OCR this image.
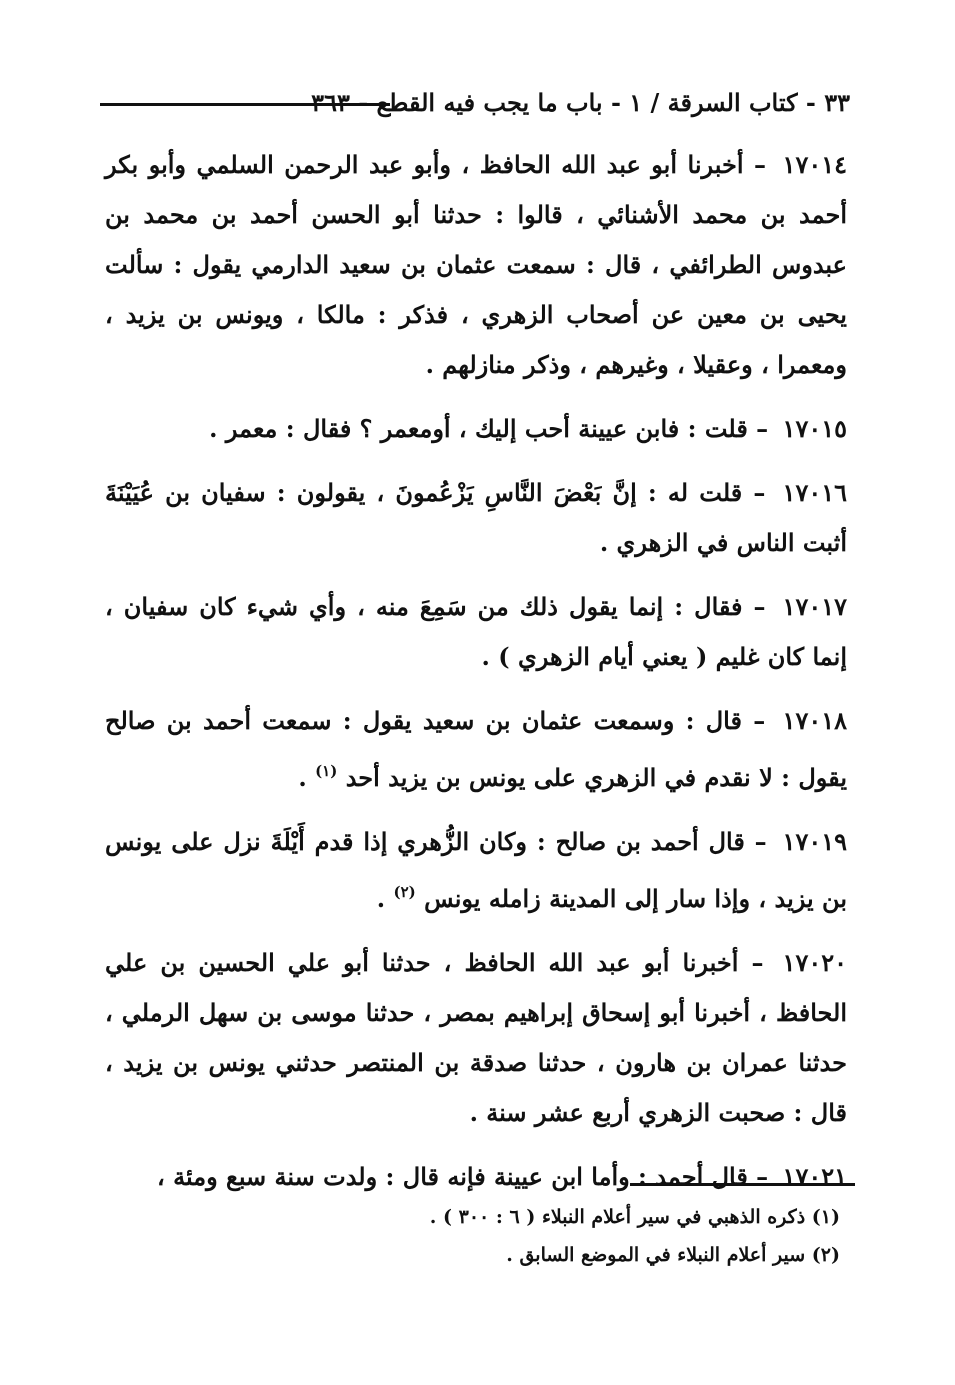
٣٣ - كتاب السرقة / ١ - باب ما يجب فيه القطع - ٣٦٣

١٧٠١٤ – أخبرنا أبو عبد الله الحافظ ، وأبو عبد الرحمن السلمي وأبو بكر أحمد بن محمد الأشنائي ، قالوا : حدثنا أبو الحسن أحمد بن محمد بن عبدوس الطرائفي ، قال : سمعت عثمان بن سعيد الدارمي يقول : سألت يحيى بن معين عن أصحاب الزهري ، فذكر : مالكا ، ويونس بن يزيد ، ومعمرا ، وعقيلا ، وغيرهم ، وذكر منازلهم .

١٧٠١٥ – قلت : فابن عيينة أحب إليك ، أومعمر ؟ فقال : معمر .

١٧٠١٦ – قلت له : إنَّ بَعْضَ النَّاسِ يَزْعُمونَ ، يقولون : سفيان بن عُيَيْنَةَ أثبت الناس في الزهري .

١٧٠١٧ – فقال : إنما يقول ذلك من سَمِعَ منه ، وأي شيء كان سفيان ، إنما كان غليم ( يعني أيام الزهري ) .

١٧٠١٨ – قال : وسمعت عثمان بن سعيد يقول : سمعت أحمد بن صالح يقول : لا نقدم في الزهري على يونس بن يزيد أحد $^{(١)}$ .

١٧٠١٩ – قال أحمد بن صالح : وكان الزُّهري إذا قدم أَيْلَةَ نزل على يونس بن يزيد ، وإذا سار إلى المدينة زامله يونس $^{(٢)}$ .

١٧٠٢٠ – أخبرنا أبو عبد الله الحافظ ، حدثنا أبو علي الحسين بن علي الحافظ ، أخبرنا أبو إسحاق إبراهيم بمصر ، حدثنا موسى بن سهل الرملي ، حدثنا عمران بن هارون ، حدثنا صدقة بن المنتصر حدثني يونس بن يزيد ، قال : صحبت الزهري أربع عشر سنة .

١٧٠٢١ – قال أحمد : وأما ابن عيينة فإنه قال : ولدت سنة سبع ومئة ،

(١) ذكره الذهبي في سير أعلام النبلاء ( ٦ : ٣٠٠ ) .

(٢) سير أعلام النبلاء في الموضع السابق .
